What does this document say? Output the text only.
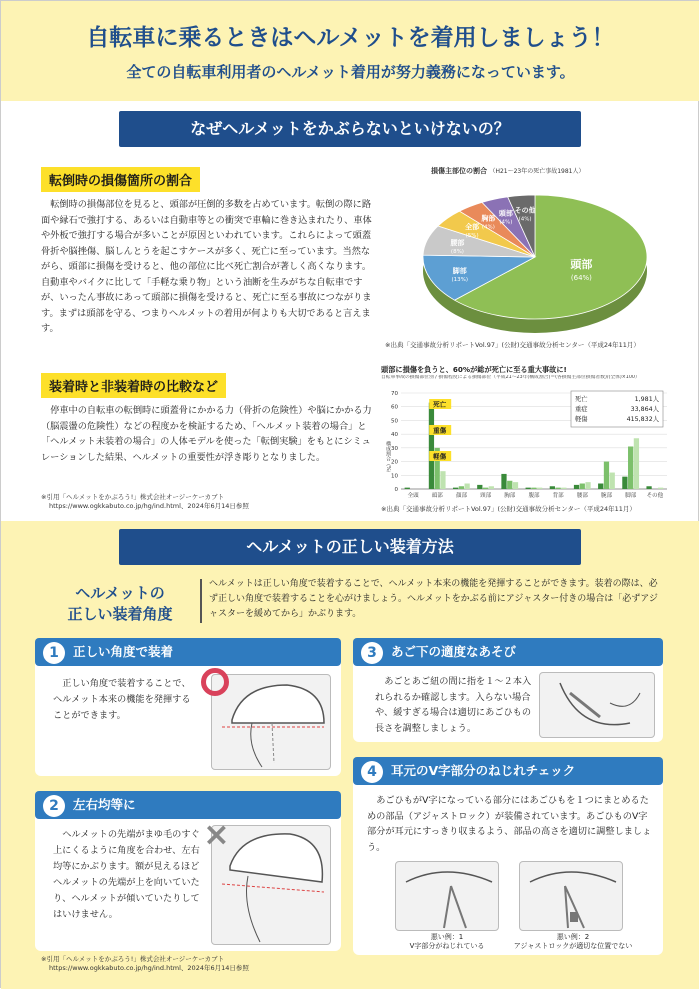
自転車に乗るときはヘルメットを着用しましょう！
全ての自転車利用者のヘルメット着用が努力義務になっています。
なぜヘルメットをかぶらないといけないの？
転倒時の損傷箇所の割合
転倒時の損傷部位を見ると、頭部が圧倒的多数を占めています。転倒の際に路面や縁石で強打する、あるいは自動車等との衝突で車輪に巻き込まれたり、車体や外板で強打する場合が多いことが原因といわれています。これらによって頭蓋骨折や脳挫傷、脳しんとうを起こすケースが多く、死亡に至っています。当然ながら、頭部に損傷を受けると、他の部位に比べ死亡割合が著しく高くなります。自動車やバイクに比して「手軽な乗り物」という油断を生みがちな自転車ですが、いったん事故にあって頭部に損傷を受けると、死亡に至る事故につながります。まずは頭部を守る、つまりヘルメットの着用が何よりも大切であると言えます。
損傷主部位の割合 （H21～23年の死亡事故1981人）
頭部
(64%)
脚部
(13%)
腰部
(8%)
全部
(5%)
胸部
(4%)
頭部
(4%)
その他
(4%)
※出典「交通事故分析リポートVol.97」(公財)交通事故分析センター（平成24年11月）
装着時と非装着時の比較など
停車中の自転車の転倒時に頭蓋骨にかかる力（骨折の危険性）や脳にかかる力（脳震盪の危険性）などの程度かを検証するため、「ヘルメット装着の場合」と「ヘルメット未装着の場合」の人体モデルを使った「転倒実験」をもとにシミュレーションした結果、ヘルメットの重要性が浮き彫りとなりました。
※引用「ヘルメットをかぶろう!」株式会社オージーケーカブト
https://www.ogkkabuto.co.jp/hg/ind.html、2024年6月14日参照
頭部に損傷を負うと、60%が総が死亡に至る重大事故に!
自転車事故の損傷部位別 / 損傷程度による損傷部位（平成21～23年(構成割合)＝(各損傷主部位損傷者数)/(全体)×100）
0
10
20
30
40
50
60
70
構成割合（%）
全頭 頭部 顔部 頸部 胸部 腹部 背部 腰部 腕部 脚部 その他
死亡
重傷
軽傷
死亡	1,981人
重症	33,864人
軽傷	415,832人
※出典「交通事故分析リポートVol.97」(公財)交通事故分析センター（平成24年11月）
ヘルメットの正しい装着方法
ヘルメットの
正しい装着角度
ヘルメットは正しい角度で装着することで、ヘルメット本来の機能を発揮することができます。装着の際は、必ず正しい角度で装着することを心がけましょう。ヘルメットをかぶる前にアジャスター付きの場合は「必ずアジャスターを緩めてから」かぶります。
1 正しい角度で装着
正しい角度で装着することで、ヘルメット本来の機能を発揮することができます。
2 左右均等に
ヘルメットの先端がまゆ毛のすぐ上にくるように角度を合わせ、左右均等にかぶります。額が見えるほどヘルメットの先端が上を向いていたり、ヘルメットが傾いていたりしてはいけません。
×
3 あご下の適度なあそび
あごとあご紐の間に指を１～２本入れられるか確認します。入らない場合や、緩すぎる場合は適切にあごひもの長さを調整しましょう。
4 耳元のV字部分のねじれチェック
あごひもがV字になっている部分にはあごひもを１つにまとめるための部品（アジャストロック）が装備されています。あごひものV字部分が耳元にすっきり収まるよう、部品の高さを適切に調整しましょう。
悪い例：1
V字部分がねじれている
悪い例：2
アジャストロックが適切な位置でない
※引用「ヘルメットをかぶろう!」株式会社オージーケーカブト
https://www.ogkkabuto.co.jp/hg/ind.html、2024年6月14日参照
